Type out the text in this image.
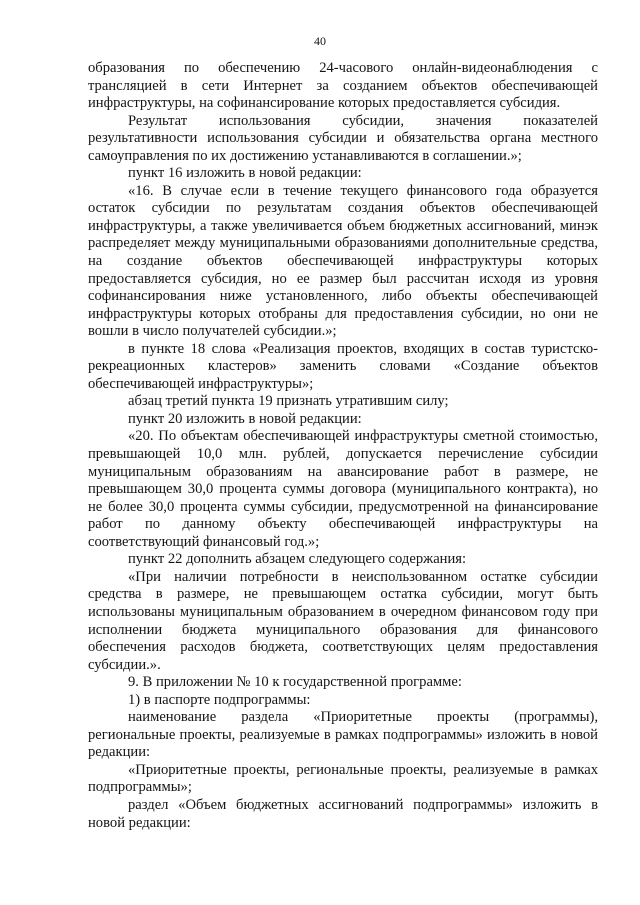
40

образования по обеспечению 24-часового онлайн-видеонаблюдения с трансляцией в сети Интернет за созданием объектов обеспечивающей инфраструктуры, на софинансирование которых предоставляется субсидия.

Результат использования субсидии, значения показателей результативности использования субсидии и обязательства органа местного самоуправления по их достижению устанавливаются в соглашении.»;

пункт 16 изложить в новой редакции:

«16. В случае если в течение текущего финансового года образуется остаток субсидии по результатам создания объектов обеспечивающей инфраструктуры, а также увеличивается объем бюджетных ассигнований, минэк распределяет между муниципальными образованиями дополнительные средства, на создание объектов обеспечивающей инфраструктуры которых предоставляется субсидия, но ее размер был рассчитан исходя из уровня софинансирования ниже установленного, либо объекты обеспечивающей инфраструктуры которых отобраны для предоставления субсидии, но они не вошли в число получателей субсидии.»;

в пункте 18 слова «Реализация проектов, входящих в состав туристско-рекреационных кластеров» заменить словами «Создание объектов обеспечивающей инфраструктуры»;

абзац третий пункта 19 признать утратившим силу;

пункт 20 изложить в новой редакции:

«20. По объектам обеспечивающей инфраструктуры сметной стоимостью, превышающей 10,0 млн. рублей, допускается перечисление субсидии муниципальным образованиям на авансирование работ в размере, не превышающем 30,0 процента суммы договора (муниципального контракта), но не более 30,0 процента суммы субсидии, предусмотренной на финансирование работ по данному объекту обеспечивающей инфраструктуры на соответствующий финансовый год.»;

пункт 22 дополнить абзацем следующего содержания:

«При наличии потребности в неиспользованном остатке субсидии средства в размере, не превышающем остатка субсидии, могут быть использованы муниципальным образованием в очередном финансовом году при исполнении бюджета муниципального образования для финансового обеспечения расходов бюджета, соответствующих целям предоставления субсидии.».

9. В приложении № 10 к государственной программе:

1) в паспорте подпрограммы:

наименование раздела «Приоритетные проекты (программы), региональные проекты, реализуемые в рамках подпрограммы» изложить в новой редакции:

«Приоритетные проекты, региональные проекты, реализуемые в рамках подпрограммы»;

раздел «Объем бюджетных ассигнований подпрограммы» изложить в новой редакции:
